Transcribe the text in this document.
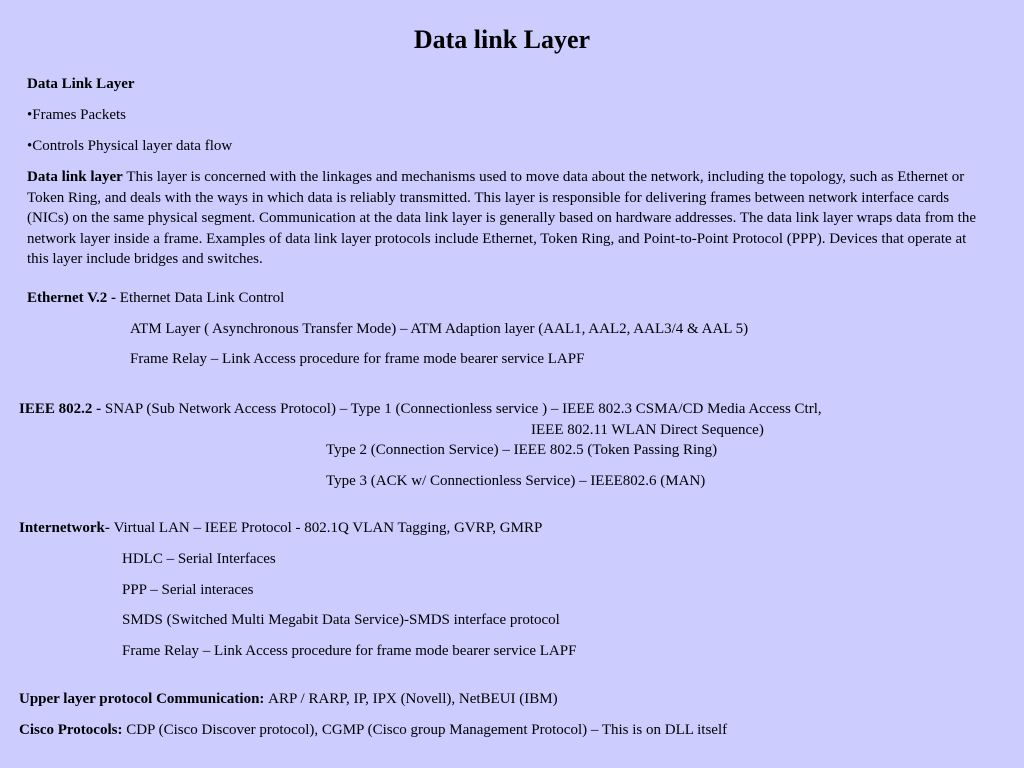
Data link Layer
Data Link Layer
•Frames Packets
•Controls Physical layer data flow
Data link layer This layer is concerned with the linkages and mechanisms used to move data about the network, including the topology, such as Ethernet or Token Ring, and deals with the ways in which data is reliably transmitted. This layer is responsible for delivering frames between network interface cards (NICs) on the same physical segment. Communication at the data link layer is generally based on hardware addresses. The data link layer wraps data from the network layer inside a frame. Examples of data link layer protocols include Ethernet, Token Ring, and Point-to-Point Protocol (PPP). Devices that operate at this layer include bridges and switches.
Ethernet V.2 - Ethernet Data Link Control
ATM Layer ( Asynchronous Transfer Mode) – ATM Adaption layer (AAL1, AAL2, AAL3/4 & AAL 5)
Frame Relay – Link Access procedure for frame mode bearer service LAPF
IEEE 802.2 - SNAP (Sub Network Access Protocol) – Type 1 (Connectionless service ) – IEEE 802.3 CSMA/CD Media Access Ctrl,
IEEE 802.11 WLAN Direct Sequence)
Type 2 (Connection Service) – IEEE 802.5 (Token Passing Ring)
Type 3 (ACK w/ Connectionless Service) – IEEE802.6 (MAN)
Internetwork- Virtual LAN – IEEE Protocol - 802.1Q VLAN Tagging, GVRP, GMRP
HDLC – Serial Interfaces
PPP – Serial interaces
SMDS (Switched Multi Megabit Data Service)-SMDS interface protocol
Frame Relay – Link Access procedure for frame mode bearer service LAPF
Upper layer protocol Communication: ARP / RARP, IP, IPX (Novell), NetBEUI (IBM)
Cisco Protocols: CDP (Cisco Discover protocol), CGMP (Cisco group Management Protocol) – This is on DLL itself
